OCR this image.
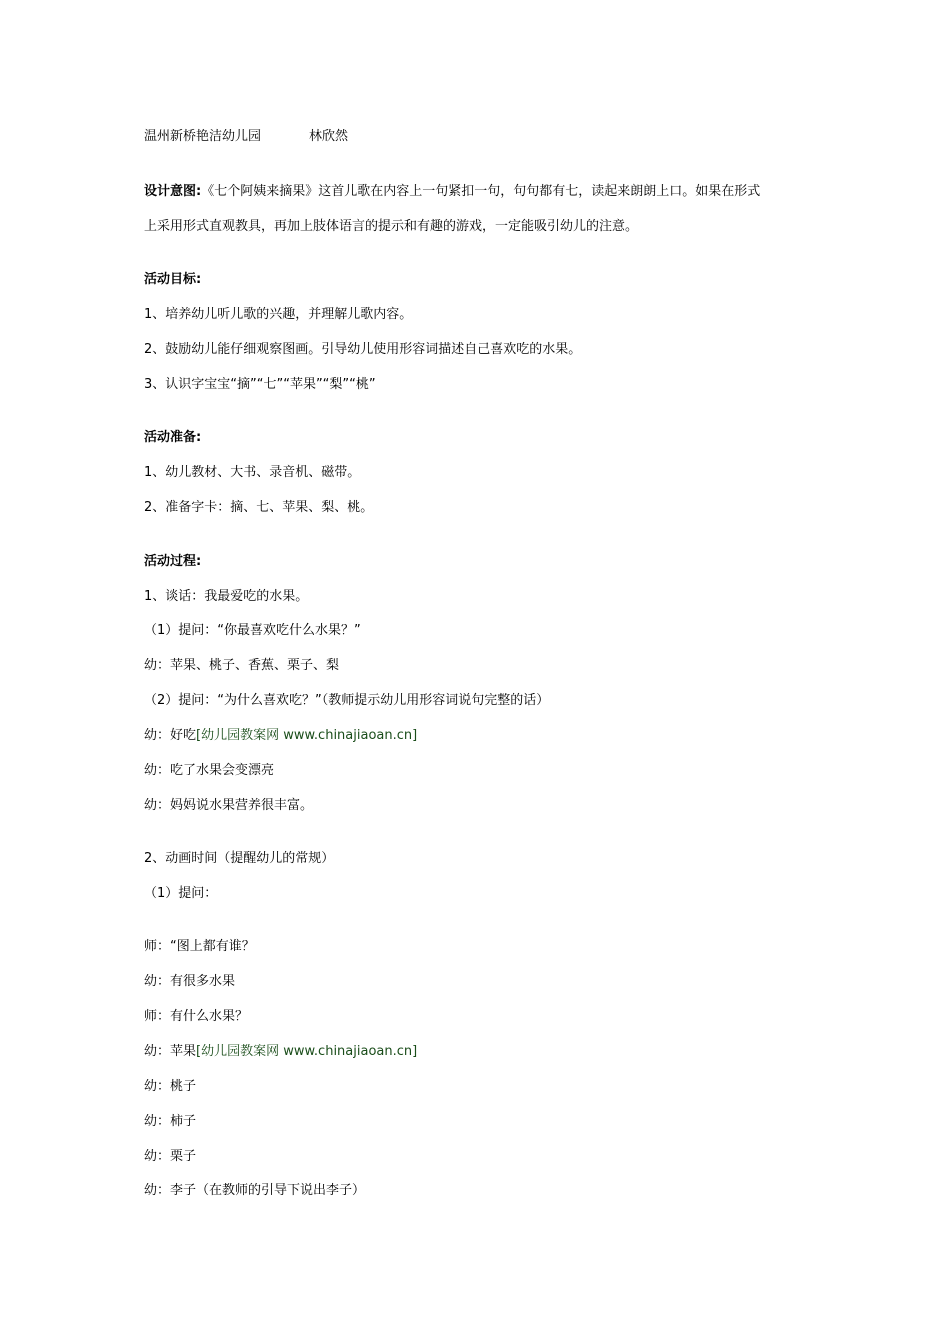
温州新桥艳洁幼儿园	林欣然
设计意图:《七个阿姨来摘果》这首儿歌在内容上一句紧扣一句，句句都有七，读起来朗朗上口。如果在形式
上采用形式直观教具，再加上肢体语言的提示和有趣的游戏，一定能吸引幼儿的注意。
活动目标:
1、培养幼儿听儿歌的兴趣，并理解儿歌内容。
2、鼓励幼儿能仔细观察图画。引导幼儿使用形容词描述自己喜欢吃的水果。
3、认识字宝宝“摘”“七”“苹果”“梨”“桃”
活动准备:
1、幼儿教材、大书、录音机、磁带。
2、准备字卡：摘、七、苹果、梨、桃。
活动过程:
1、谈话：我最爱吃的水果。
（1）提问：“你最喜欢吃什么水果？”
幼：苹果、桃子、香蕉、栗子、梨
（2）提问：“为什么喜欢吃？”（教师提示幼儿用形容词说句完整的话）
幼：好吃[幼儿园教案网 www.chinajiaoan.cn]
幼：吃了水果会变漂亮
幼：妈妈说水果营养很丰富。
2、动画时间（提醒幼儿的常规）
（1）提问：
师：“图上都有谁？
幼：有很多水果
师：有什么水果？
幼：苹果[幼儿园教案网 www.chinajiaoan.cn]
幼：桃子
幼：柿子
幼：栗子
幼：李子（在教师的引导下说出李子）
